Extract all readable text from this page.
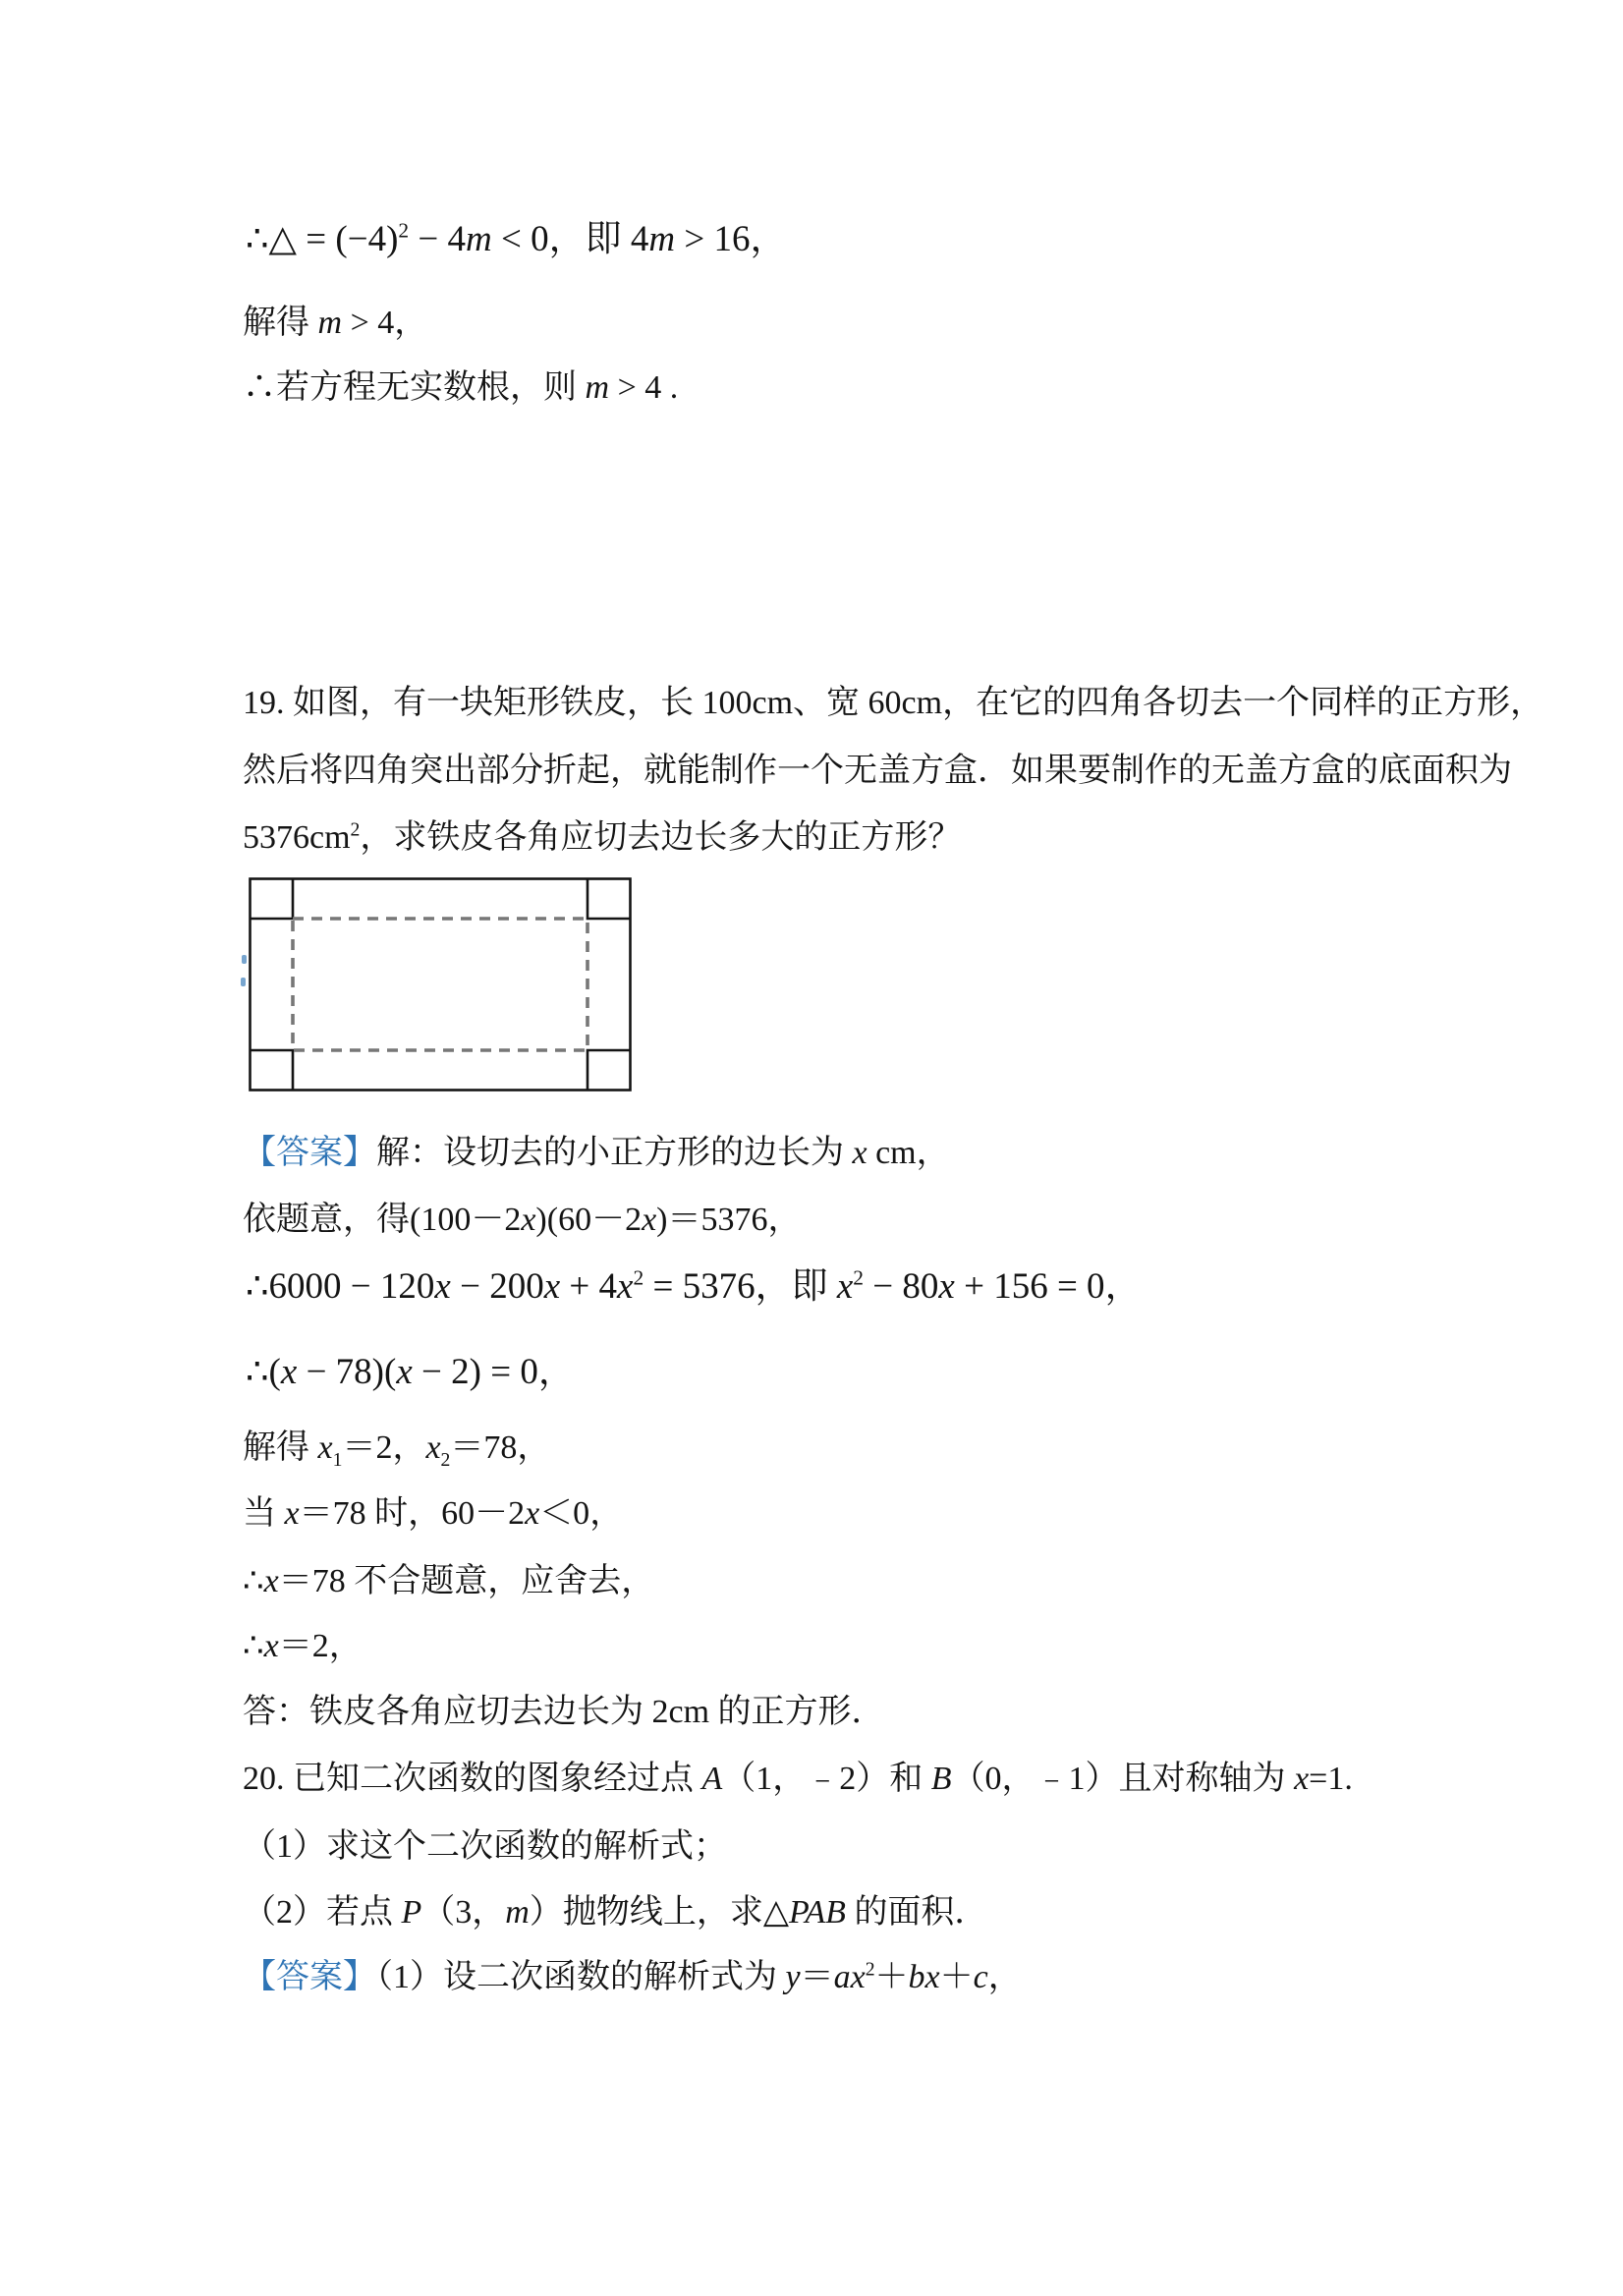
∴△ = $(-4)^2 - 4m < 0$，即 4m > 16，
解得 m > 4，
∴若方程无实数根，则 m > 4 .
19. 如图，有一块矩形铁皮，长 100cm、宽 60cm，在它的四角各切去一个同样的正方形，
然后将四角突出部分折起，就能制作一个无盖方盒．如果要制作的无盖方盒的底面积为
$5376cm^2$，求铁皮各角应切去边长多大的正方形？
【答案】解：设切去的小正方形的边长为 x cm，
依题意，得(100－2x)(60－2x)＝5376，
∴6000 − $120x - 200x + 4x^2 = 5376$，即 $x^2 - 80x + 156 = 0$，
∴(x − 78)(x − 2) = 0，
解得 $x_1=2$，$x_2=78$，
当 x＝78 时，60－2x＜0，
∴x＝78 不合题意，应舍去，
∴x＝2，
答：铁皮各角应切去边长为 2cm 的正方形．
20. 已知二次函数的图象经过点 A（1，﹣2）和 B（0，﹣1）且对称轴为 x=1.
（1）求这个二次函数的解析式；
（2）若点 P（3，m）抛物线上，求△PAB 的面积．
【答案】（1）设二次函数的解析式为 $y=ax^2+bx+c$，
